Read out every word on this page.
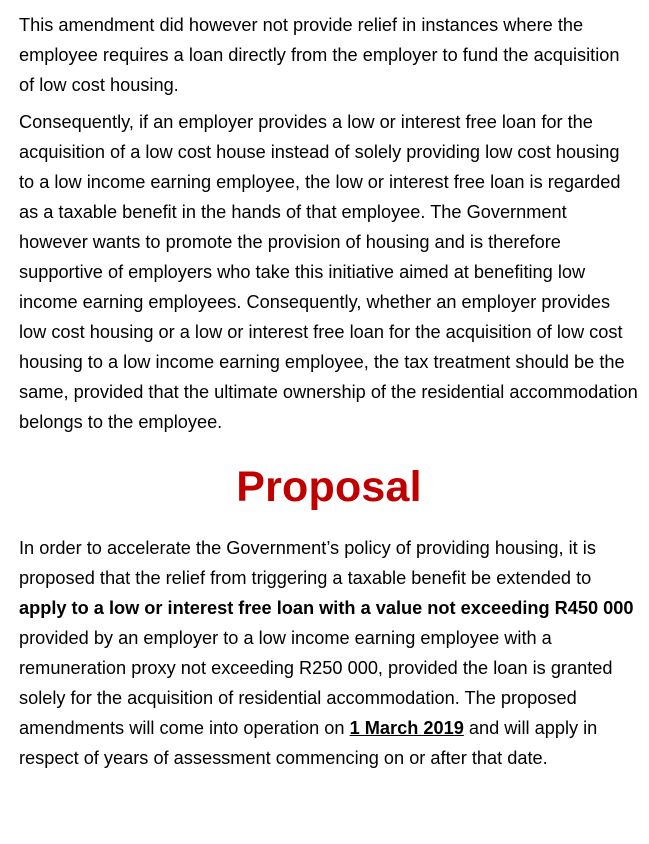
This amendment did however not provide relief in instances where the employee requires a loan directly from the employer to fund the acquisition of low cost housing.

Consequently, if an employer provides a low or interest free loan for the acquisition of a low cost house instead of solely providing low cost housing to a low income earning employee, the low or interest free loan is regarded as a taxable benefit in the hands of that employee. The Government however wants to promote the provision of housing and is therefore supportive of employers who take this initiative aimed at benefiting low income earning employees. Consequently, whether an employer provides low cost housing or a low or interest free loan for the acquisition of low cost housing to a low income earning employee, the tax treatment should be the same, provided that the ultimate ownership of the residential accommodation belongs to the employee.

Proposal

In order to accelerate the Government’s policy of providing housing, it is proposed that the relief from triggering a taxable benefit be extended to apply to a low or interest free loan with a value not exceeding R450 000 provided by an employer to a low income earning employee with a remuneration proxy not exceeding R250 000, provided the loan is granted solely for the acquisition of residential accommodation. The proposed amendments will come into operation on 1 March 2019 and will apply in respect of years of assessment commencing on or after that date.
